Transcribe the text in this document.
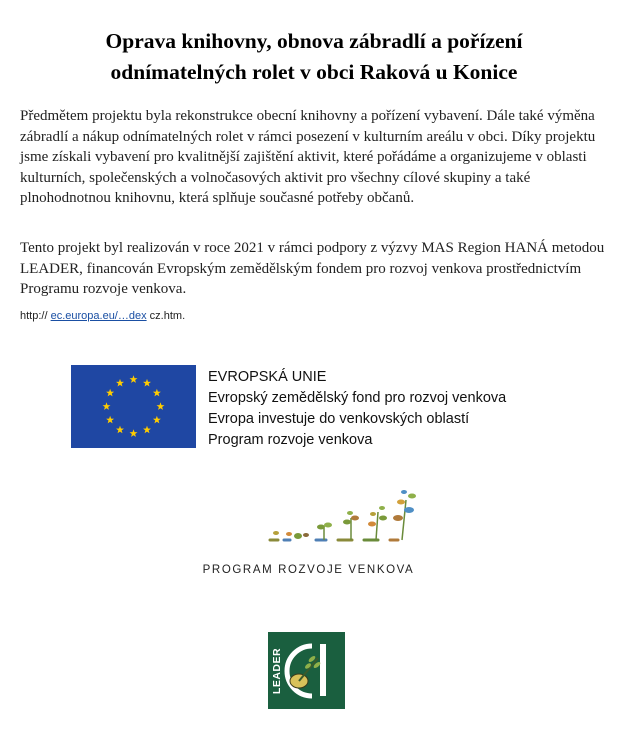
Oprava knihovny, obnova zábradlí a pořízení odnímatelných rolet v obci Raková u Konice

Předmětem projektu byla rekonstrukce obecní knihovny a pořízení vybavení. Dále také výměna zábradlí a nákup odnímatelných rolet v rámci posezení v kulturním areálu v obci. Díky projektu jsme získali vybavení pro kvalitnější zajištění aktivit, které pořádáme a organizujeme v oblasti kulturních, společenských a volnočasových aktivit pro všechny cílové skupiny a také plnohodnotnou knihovnu, která splňuje současné potřeby občanů.

Tento projekt byl realizován v roce 2021 v rámci podpory z výzvy MAS Region HANÁ metodou LEADER, financován Evropským zemědělským fondem pro rozvoj venkova prostřednictvím Programu rozvoje venkova.

http:// ec.europa.eu/…dex cz.htm.
EVROPSKÁ UNIE
Evropský zemědělský fond pro rozvoj venkova
Evropa investuje do venkovských oblastí
Program rozvoje venkova
PROGRAM ROZVOJE VENKOVA
LEADER
